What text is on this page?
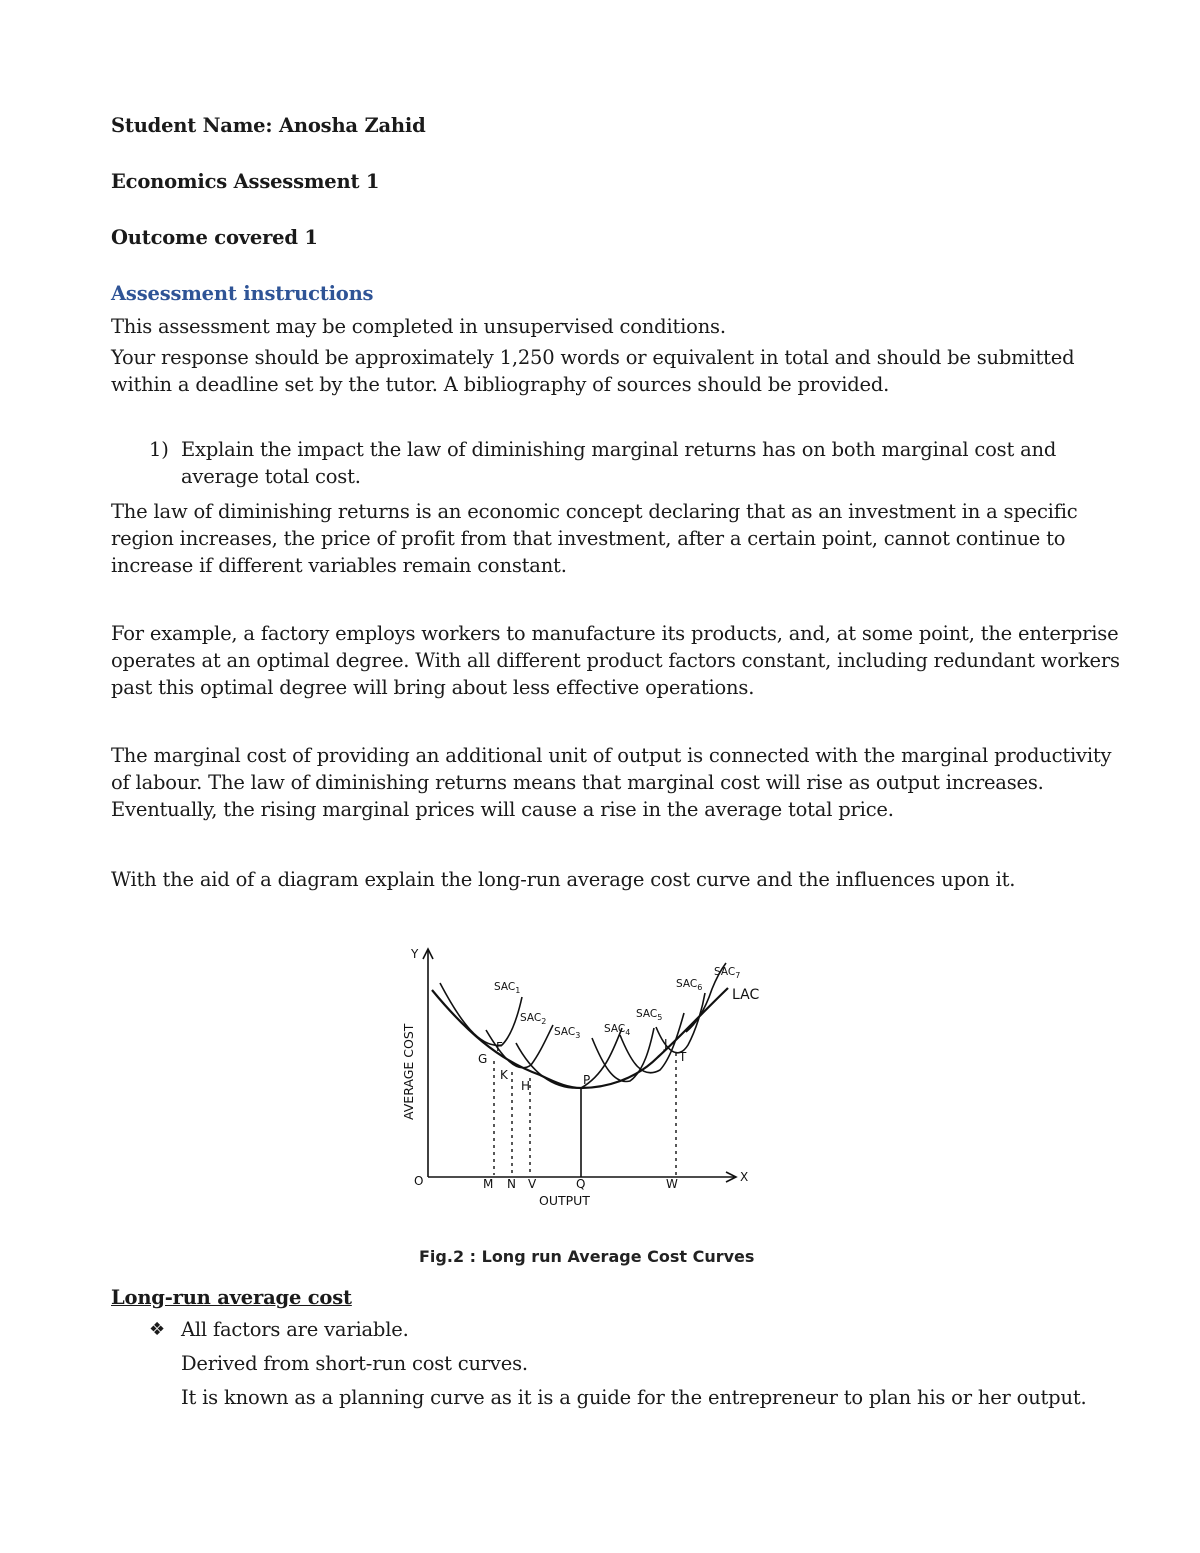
Student Name: Anosha Zahid
Economics Assessment 1
Outcome covered 1
Assessment instructions
This assessment may be completed in unsupervised conditions.
Your response should be approximately 1,250 words or equivalent in total and should be submitted
within a deadline set by the tutor. A bibliography of sources should be provided.
1) Explain the impact the law of diminishing marginal returns has on both marginal cost and
average total cost.
The law of diminishing returns is an economic concept declaring that as an investment in a specific
region increases, the price of profit from that investment, after a certain point, cannot continue to
increase if different variables remain constant.
For example, a factory employs workers to manufacture its products, and, at some point, the enterprise
operates at an optimal degree. With all different product factors constant, including redundant workers
past this optimal degree will bring about less effective operations.
The marginal cost of providing an additional unit of output is connected with the marginal productivity
of labour. The law of diminishing returns means that marginal cost will rise as output increases.
Eventually, the rising marginal prices will cause a rise in the average total price.
With the aid of a diagram explain the long-run average cost curve and the influences upon it.
Long-run average cost
❖ All factors are variable.
Derived from short-run cost curves.
It is known as a planning curve as it is a guide for the entrepreneur to plan his or her output.
AVERAGE COST
OUTPUT
Y
X
O
LAC
$SAC_1$
$SAC_2$
$SAC_3$
$SAC_4$
$SAC_5$
$SAC_6$
$SAC_7$
G
F
K
H	P
J
T
M N V	Q	W
Fig.2 : Long run Average Cost Curves
